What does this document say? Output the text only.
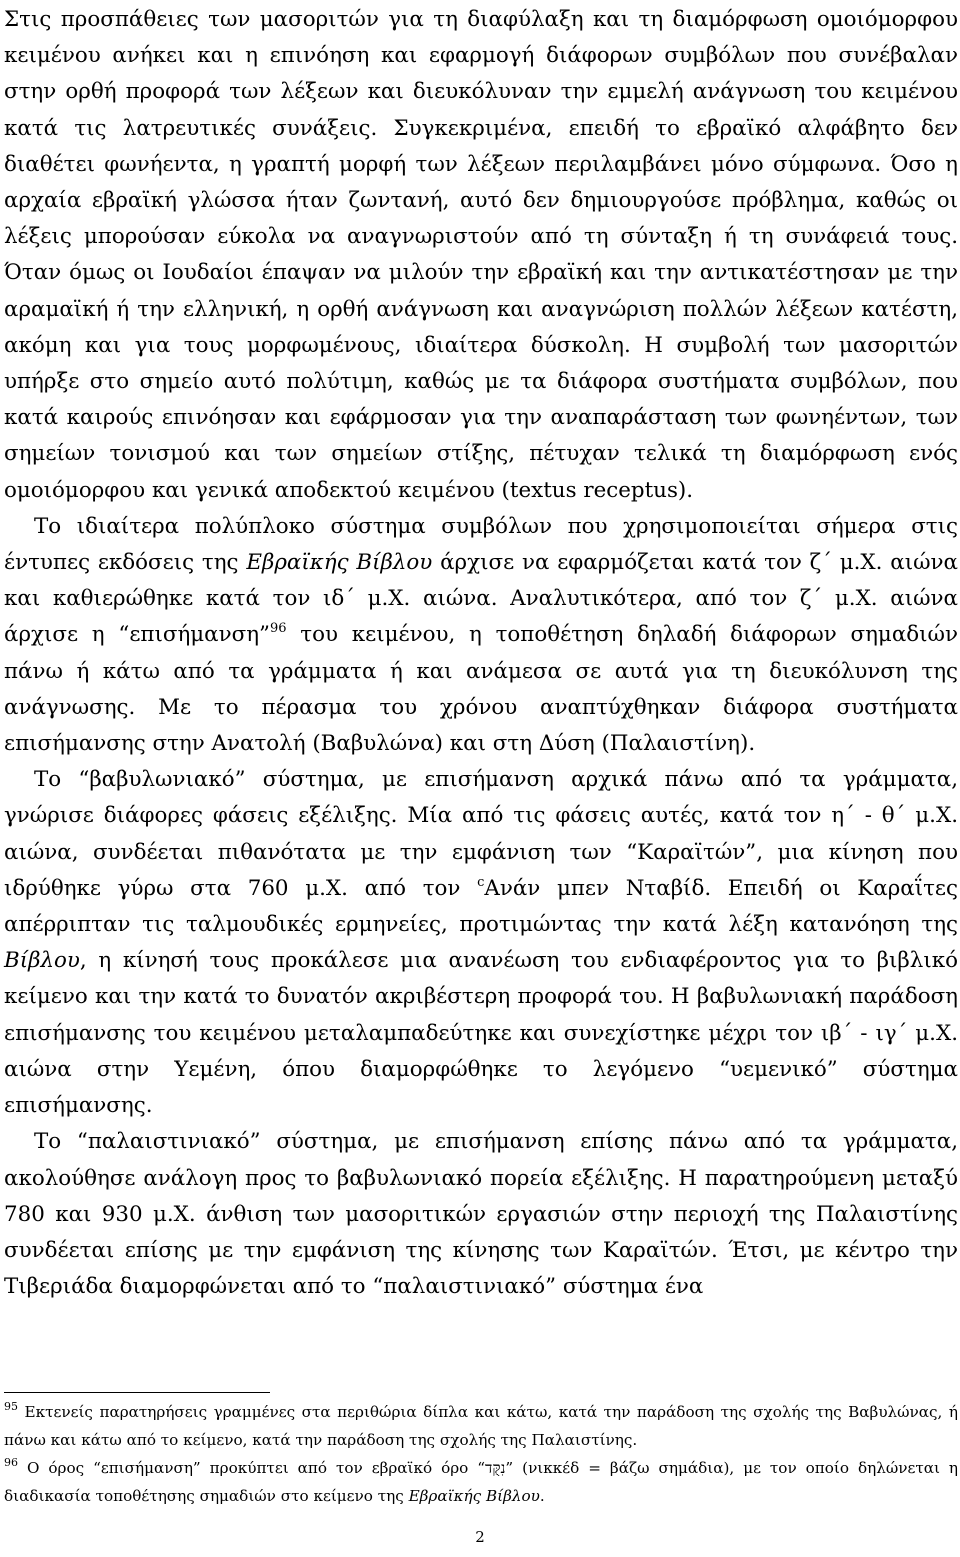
Στις προσπάθειες των μασοριτών για τη διαφύλαξη και τη διαμόρφωση ομοιόμορφου κειμένου ανήκει και η επινόηση και εφαρμογή διάφορων συμβόλων που συνέβαλαν στην ορθή προφορά των λέξεων και διευκόλυναν την εμμελή ανάγνωση του κειμένου κατά τις λατρευτικές συνάξεις. Συγκεκριμένα, επειδή το εβραϊκό αλφάβητο δεν διαθέτει φωνήεντα, η γραπτή μορφή των λέξεων περιλαμβάνει μόνο σύμφωνα. Όσο η αρχαία εβραϊκή γλώσσα ήταν ζωντανή, αυτό δεν δημιουργούσε πρόβλημα, καθώς οι λέξεις μπορούσαν εύκολα να αναγνωριστούν από τη σύνταξη ή τη συνάφειά τους. Όταν όμως οι Ιουδαίοι έπαψαν να μιλούν την εβραϊκή και την αντικατέστησαν με την αραμαϊκή ή την ελληνική, η ορθή ανάγνωση και αναγνώριση πολλών λέξεων κατέστη, ακόμη και για τους μορφωμένους, ιδιαίτερα δύσκολη. Η συμβολή των μασοριτών υπήρξε στο σημείο αυτό πολύτιμη, καθώς με τα διάφορα συστήματα συμβόλων, που κατά καιρούς επινόησαν και εφάρμοσαν για την αναπαράσταση των φωνηέντων, των σημείων τονισμού και των σημείων στίξης, πέτυχαν τελικά τη διαμόρφωση ενός ομοιόμορφου και γενικά αποδεκτού κειμένου (textus receptus).

Το ιδιαίτερα πολύπλοκο σύστημα συμβόλων που χρησιμοποιείται σήμερα στις έντυπες εκδόσεις της Εβραϊκής Βίβλου άρχισε να εφαρμόζεται κατά τον ζ΄ μ.Χ. αιώνα και καθιερώθηκε κατά τον ιδ΄ μ.Χ. αιώνα. Αναλυτικότερα, από τον ζ΄ μ.Χ. αιώνα άρχισε η “επισήμανση”$^{96}$ του κειμένου, η τοποθέτηση δηλαδή διάφορων σημαδιών πάνω ή κάτω από τα γράμματα ή και ανάμεσα σε αυτά για τη διευκόλυνση της ανάγνωσης. Με το πέρασμα του χρόνου αναπτύχθηκαν διάφορα συστήματα επισήμανσης στην Ανατολή (Βαβυλώνα) και στη Δύση (Παλαιστίνη).

Το “βαβυλωνιακό” σύστημα, με επισήμανση αρχικά πάνω από τα γράμματα, γνώρισε διάφορες φάσεις εξέλιξης. Μία από τις φάσεις αυτές, κατά τον η΄ - θ΄ μ.Χ. αιώνα, συνδέεται πιθανότατα με την εμφάνιση των “Καραϊτών”, μια κίνηση που ιδρύθηκε γύρω στα 760 μ.Χ. από τον $^c$Ανάν μπεν Νταβίδ. Επειδή οι Καραΐτες απέρριπταν τις ταλμουδικές ερμηνείες, προτιμώντας την κατά λέξη κατανόηση της Βίβλου, η κίνησή τους προκάλεσε μια ανανέωση του ενδιαφέροντος για το βιβλικό κείμενο και την κατά το δυνατόν ακριβέστερη προφορά του. Η βαβυλωνιακή παράδοση επισήμανσης του κειμένου μεταλαμπαδεύτηκε και συνεχίστηκε μέχρι τον ιβ΄ - ιγ΄ μ.Χ. αιώνα στην Υεμένη, όπου διαμορφώθηκε το λεγόμενο “υεμενικό” σύστημα επισήμανσης.

Το “παλαιστινιακό” σύστημα, με επισήμανση επίσης πάνω από τα γράμματα, ακολούθησε ανάλογη προς το βαβυλωνιακό πορεία εξέλιξης. Η παρατηρούμενη μεταξύ 780 και 930 μ.Χ. άνθιση των μασοριτικών εργασιών στην περιοχή της Παλαιστίνης συνδέεται επίσης με την εμφάνιση της κίνησης των Καραϊτών. Έτσι, με κέντρο την Τιβεριάδα διαμορφώνεται από το “παλαιστινιακό” σύστημα ένα

$^{95}$ Εκτενείς παρατηρήσεις γραμμένες στα περιθώρια δίπλα και κάτω, κατά την παράδοση της σχολής της Βαβυλώνας, ή πάνω και κάτω από το κείμενο, κατά την παράδοση της σχολής της Παλαιστίνης.

$^{96}$ Ο όρος “επισήμανση” προκύπτει από τον εβραϊκό όρο “נִקֻּד” (νικκέδ = βάζω σημάδια), με τον οποίο δηλώνεται η διαδικασία τοποθέτησης σημαδιών στο κείμενο της Εβραϊκής Βίβλου.

2
